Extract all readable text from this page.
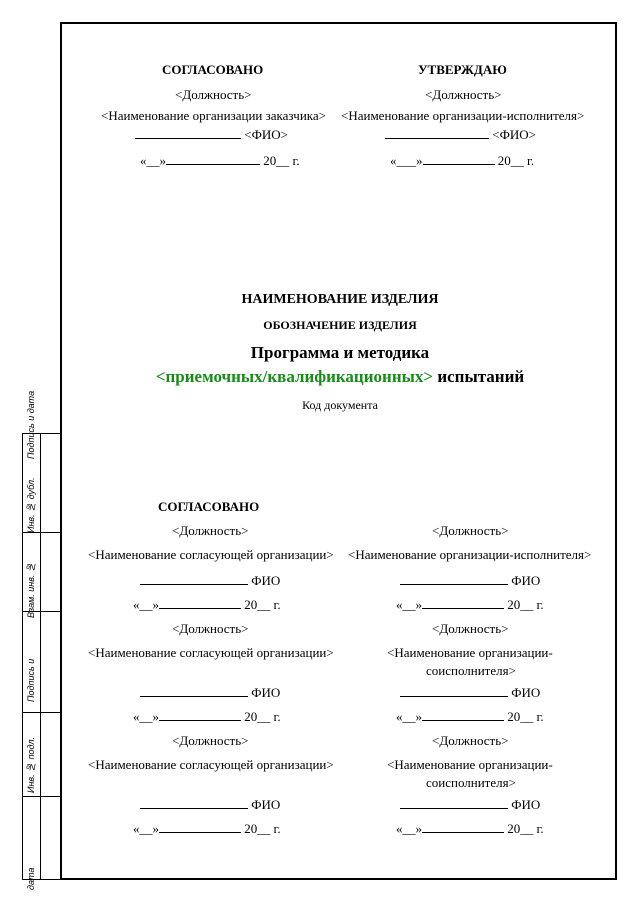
Подпись и дата
Инв. № дубл.
Взам. инв. №
Подпись и
Инв. № подл.
дата
СОГЛАСОВАНО
<Должность>
<Наименование организации заказчика>
<ФИО>
«__»	20__ г.
УТВЕРЖДАЮ
<Должность>
<Наименование организации-исполнителя>
<ФИО>
«___»	20__ г.
НАИМЕНОВАНИЕ ИЗДЕЛИЯ
ОБОЗНАЧЕНИЕ ИЗДЕЛИЯ
Программа и методика
<приемочных/квалификационных> испытаний
Код документа
СОГЛАСОВАНО
<Должность>
<Наименование согласующей организации>
ФИО
«__»	20__ г.
<Должность>
<Наименование организации-исполнителя>
ФИО
«__»	20__ г.
<Должность>
<Наименование согласующей организации>
ФИО
«__»	20__ г.
<Должность>
<Наименование организации-
соисполнителя>
ФИО
«__»	20__ г.
<Должность>
<Наименование согласующей организации>
ФИО
«__»	20__ г.
<Должность>
<Наименование организации-
соисполнителя>
ФИО
«__»	20__ г.
